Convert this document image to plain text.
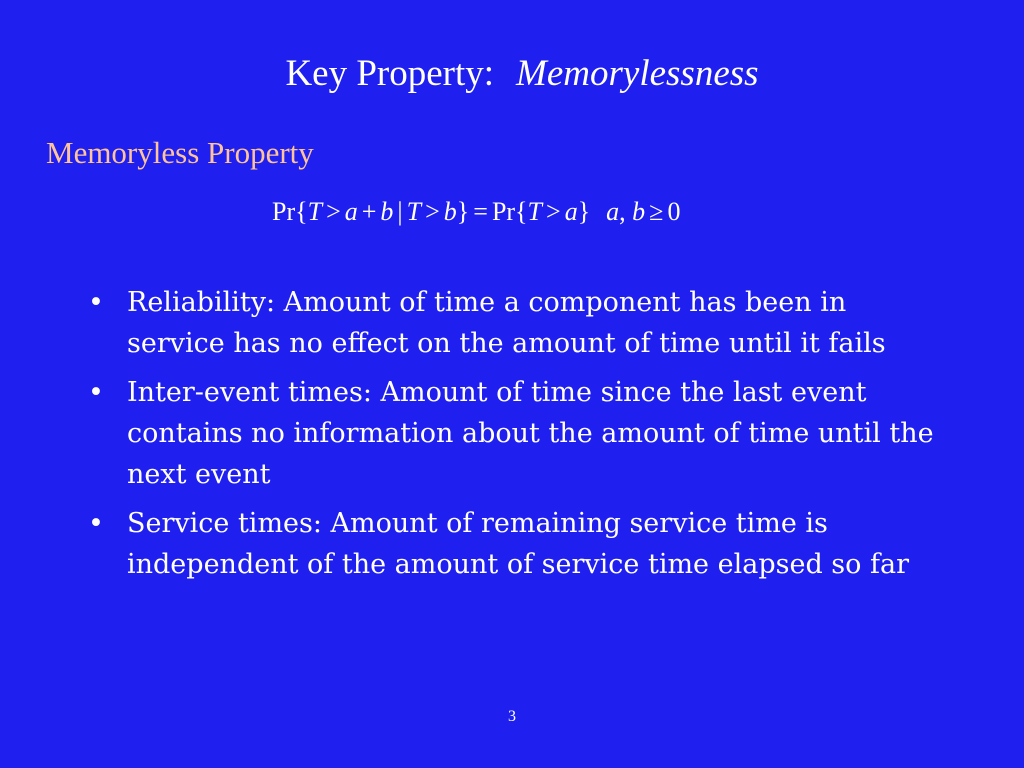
Key Property: Memorylessness
Memoryless Property
Pr{T > a + b | T > b} = Pr{T > a} a, b ≥ 0
• Reliability: Amount of time a component has been in service has no effect on the amount of time until it fails
• Inter-event times: Amount of time since the last event contains no information about the amount of time until the next event
• Service times: Amount of remaining service time is independent of the amount of service time elapsed so far
3
